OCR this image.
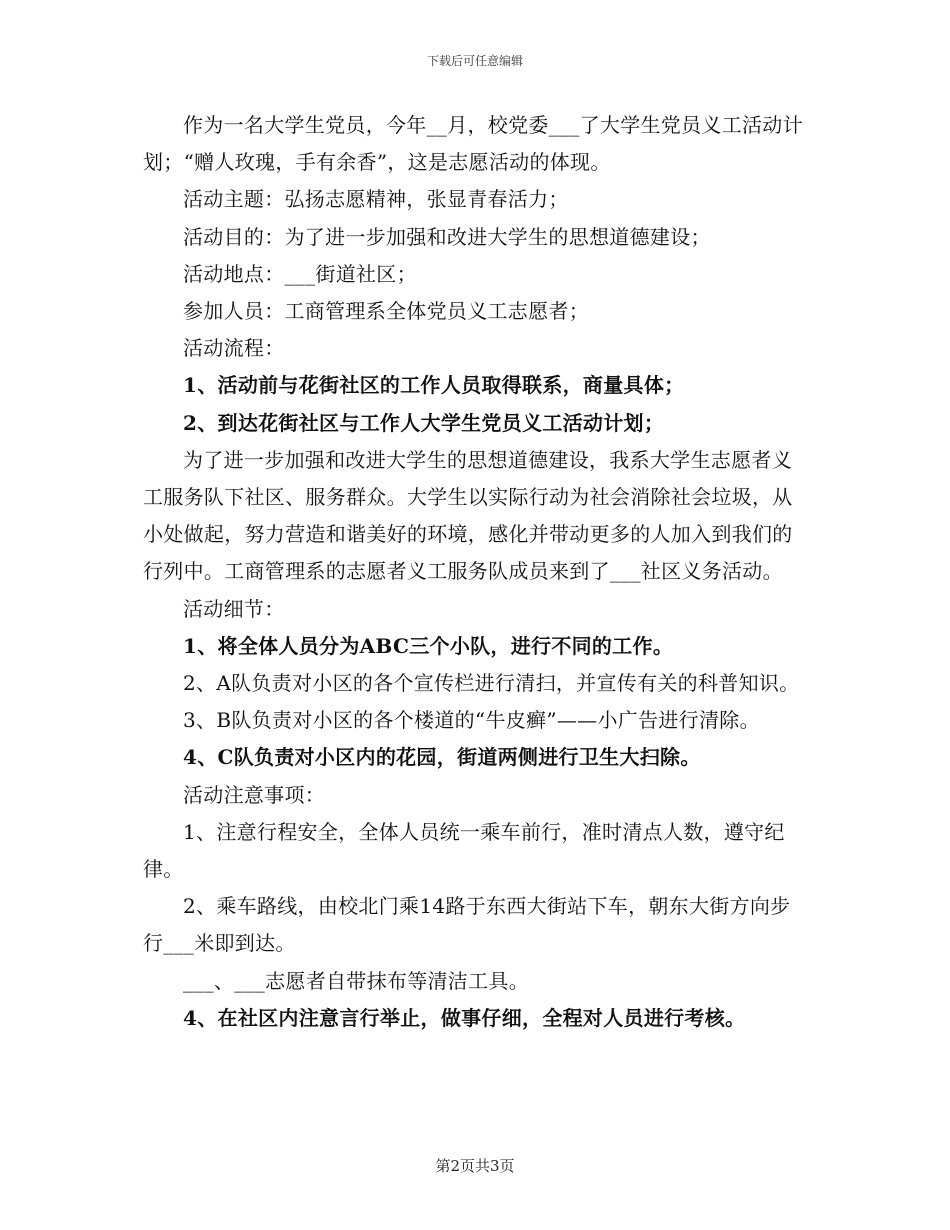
下载后可任意编辑

作为一名大学生党员，今年__月，校党委___了大学生党员义工活动计划；“赠人玫瑰，手有余香”，这是志愿活动的体现。

活动主题：弘扬志愿精神，张显青春活力；

活动目的：为了进一步加强和改进大学生的思想道德建设；

活动地点：___街道社区；

参加人员：工商管理系全体党员义工志愿者；

活动流程：

1、活动前与花街社区的工作人员取得联系，商量具体；

2、到达花街社区与工作人大学生党员义工活动计划；

为了进一步加强和改进大学生的思想道德建设，我系大学生志愿者义工服务队下社区、服务群众。大学生以实际行动为社会消除社会垃圾，从小处做起，努力营造和谐美好的环境，感化并带动更多的人加入到我们的行列中。工商管理系的志愿者义工服务队成员来到了___社区义务活动。

活动细节：

1、将全体人员分为ABC三个小队，进行不同的工作。

2、A队负责对小区的各个宣传栏进行清扫，并宣传有关的科普知识。

3、B队负责对小区的各个楼道的“牛皮癣”——小广告进行清除。

4、C队负责对小区内的花园，街道两侧进行卫生大扫除。

活动注意事项：

1、注意行程安全，全体人员统一乘车前行，准时清点人数，遵守纪律。

2、乘车路线，由校北门乘14路于东西大街站下车，朝东大街方向步行___米即到达。

___、___志愿者自带抹布等清洁工具。

4、在社区内注意言行举止，做事仔细，全程对人员进行考核。

第2页共3页
